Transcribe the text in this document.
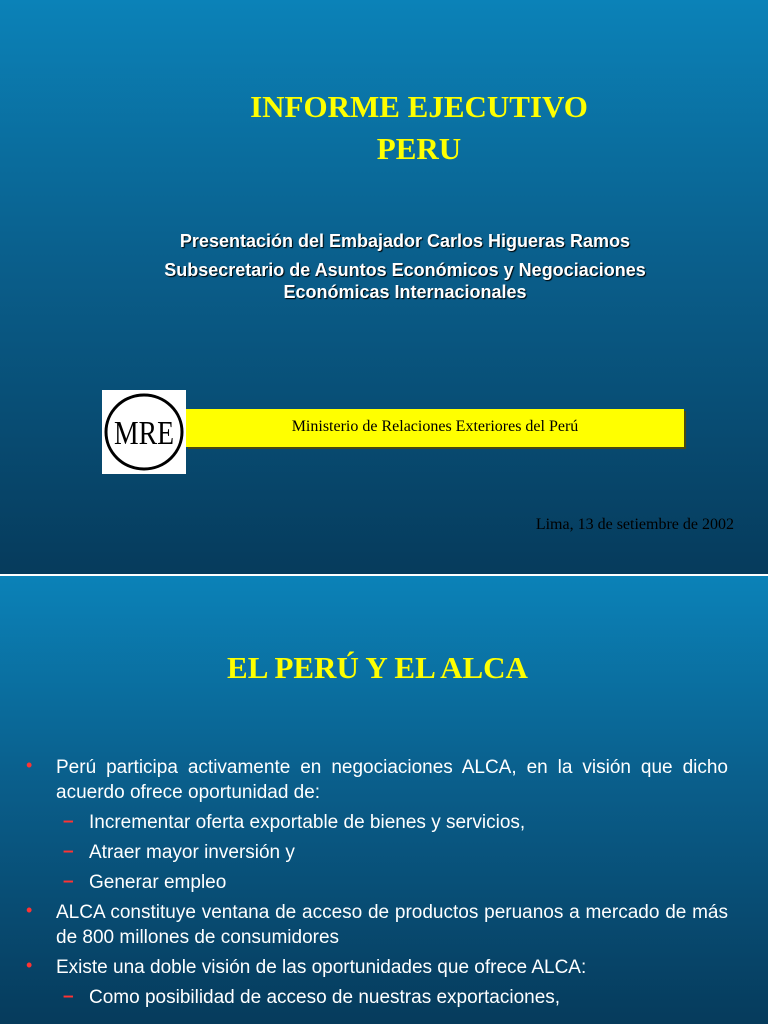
INFORME EJECUTIVO
PERU
Presentación del Embajador Carlos Higueras Ramos
Subsecretario de Asuntos Económicos y Negociaciones
Económicas Internacionales
MRE	Ministerio de Relaciones Exteriores del Perú
Lima, 13 de setiembre de 2002
EL PERÚ Y EL ALCA
• Perú participa activamente en negociaciones ALCA, en la visión que dicho acuerdo ofrece oportunidad de:
– Incrementar oferta exportable de bienes y servicios,
– Atraer mayor inversión y
– Generar empleo
• ALCA constituye ventana de acceso de productos peruanos a mercado de más de 800 millones de consumidores
• Existe una doble visión de las oportunidades que ofrece ALCA:
– Como posibilidad de acceso de nuestras exportaciones,
